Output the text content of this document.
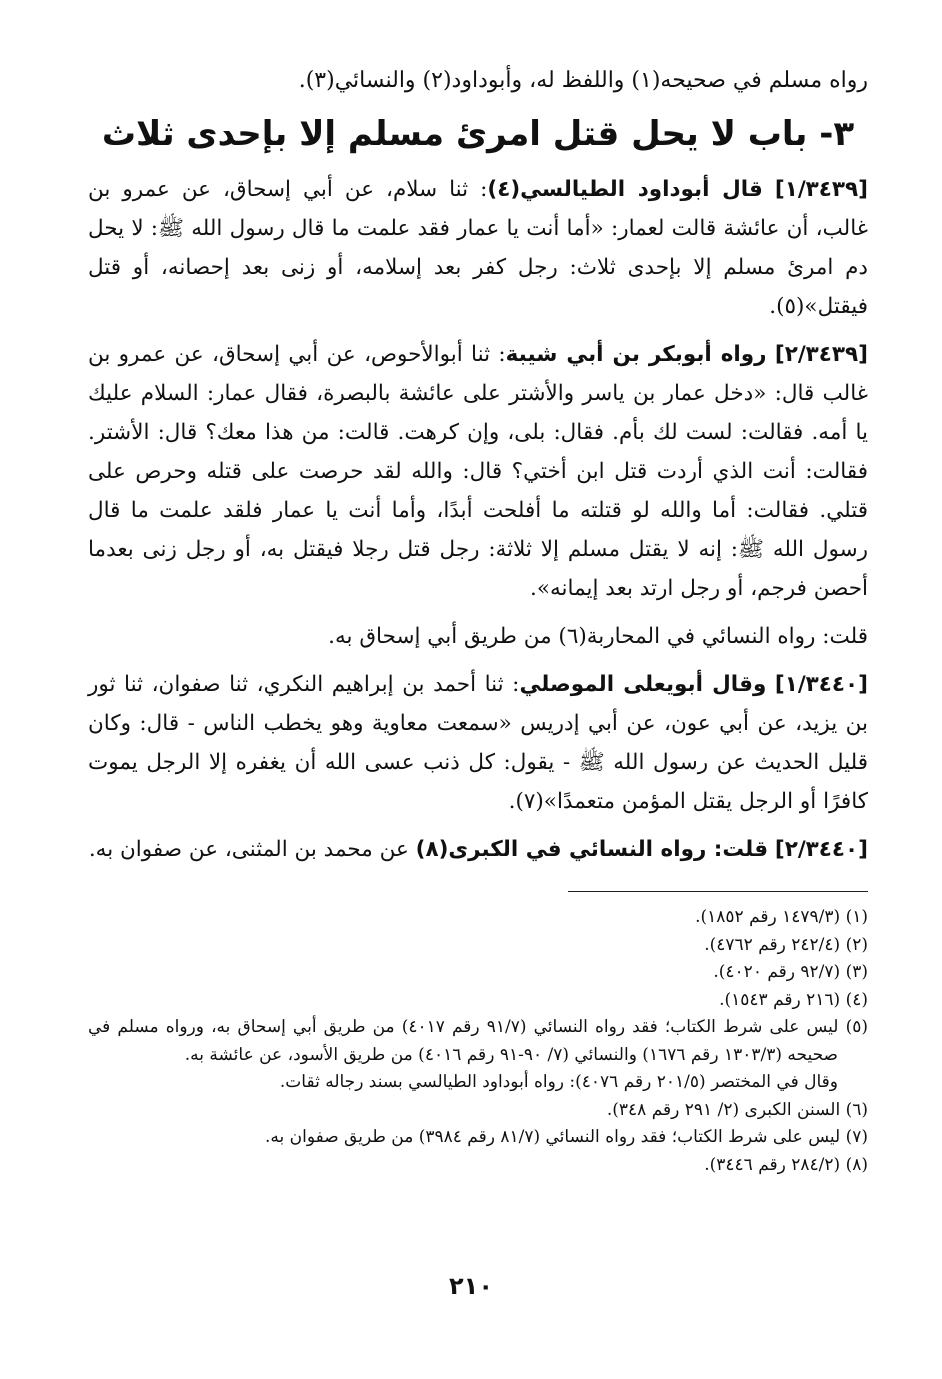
رواه مسلم في صحيحه(١) واللفظ له، وأبوداود(٢) والنسائي(٣).

٣- باب لا يحل قتل امرئ مسلم إلا بإحدى ثلاث

[١/٣٤٣٩] قال أبوداود الطيالسي(٤): ثنا سلام، عن أبي إسحاق، عن عمرو بن غالب، أن عائشة قالت لعمار: «أما أنت يا عمار فقد علمت ما قال رسول الله ﷺ: لا يحل دم امرئ مسلم إلا بإحدى ثلاث: رجل كفر بعد إسلامه، أو زنى بعد إحصانه، أو قتل فيقتل»(٥).

[٢/٣٤٣٩] رواه أبوبكر بن أبي شيبة: ثنا أبوالأحوص، عن أبي إسحاق، عن عمرو بن غالب قال: «دخل عمار بن ياسر والأشتر على عائشة بالبصرة، فقال عمار: السلام عليك يا أمه. فقالت: لست لك بأم. فقال: بلى، وإن كرهت. قالت: من هذا معك؟ قال: الأشتر. فقالت: أنت الذي أردت قتل ابن أختي؟ قال: والله لقد حرصت على قتله وحرص على قتلي. فقالت: أما والله لو قتلته ما أفلحت أبدًا، وأما أنت يا عمار فلقد علمت ما قال رسول الله ﷺ: إنه لا يقتل مسلم إلا ثلاثة: رجل قتل رجلا فيقتل به، أو رجل زنى بعدما أحصن فرجم، أو رجل ارتد بعد إيمانه».

قلت: رواه النسائي في المحاربة(٦) من طريق أبي إسحاق به.

[١/٣٤٤٠] وقال أبويعلى الموصلي: ثنا أحمد بن إبراهيم النكري، ثنا صفوان، ثنا ثور بن يزيد، عن أبي عون، عن أبي إدريس «سمعت معاوية وهو يخطب الناس - قال: وكان قليل الحديث عن رسول الله ﷺ - يقول: كل ذنب عسى الله أن يغفره إلا الرجل يموت كافرًا أو الرجل يقتل المؤمن متعمدًا»(٧).

[٢/٣٤٤٠] قلت: رواه النسائي في الكبرى(٨) عن محمد بن المثنى، عن صفوان به.

(١) (١٤٧٩/٣ رقم ١٨٥٢).

(٢) (٢٤٢/٤ رقم ٤٧٦٢).

(٣) (٩٢/٧ رقم ٤٠٢٠).

(٤) (٢١٦ رقم ١٥٤٣).

(٥) ليس على شرط الكتاب؛ فقد رواه النسائي (٩١/٧ رقم ٤٠١٧) من طريق أبي إسحاق به، ورواه مسلم في صحيحه (١٣٠٣/٣ رقم ١٦٧٦) والنسائي (٧/ ٩٠-٩١ رقم ٤٠١٦) من طريق الأسود، عن عائشة به.

وقال في المختصر (٢٠١/٥ رقم ٤٠٧٦): رواه أبوداود الطيالسي بسند رجاله ثقات.

(٦) السنن الكبرى (٢/ ٢٩١ رقم ٣٤٨).

(٧) ليس على شرط الكتاب؛ فقد رواه النسائي (٨١/٧ رقم ٣٩٨٤) من طريق صفوان به.

(٨) (٢٨٤/٢ رقم ٣٤٤٦).

٢١٠
